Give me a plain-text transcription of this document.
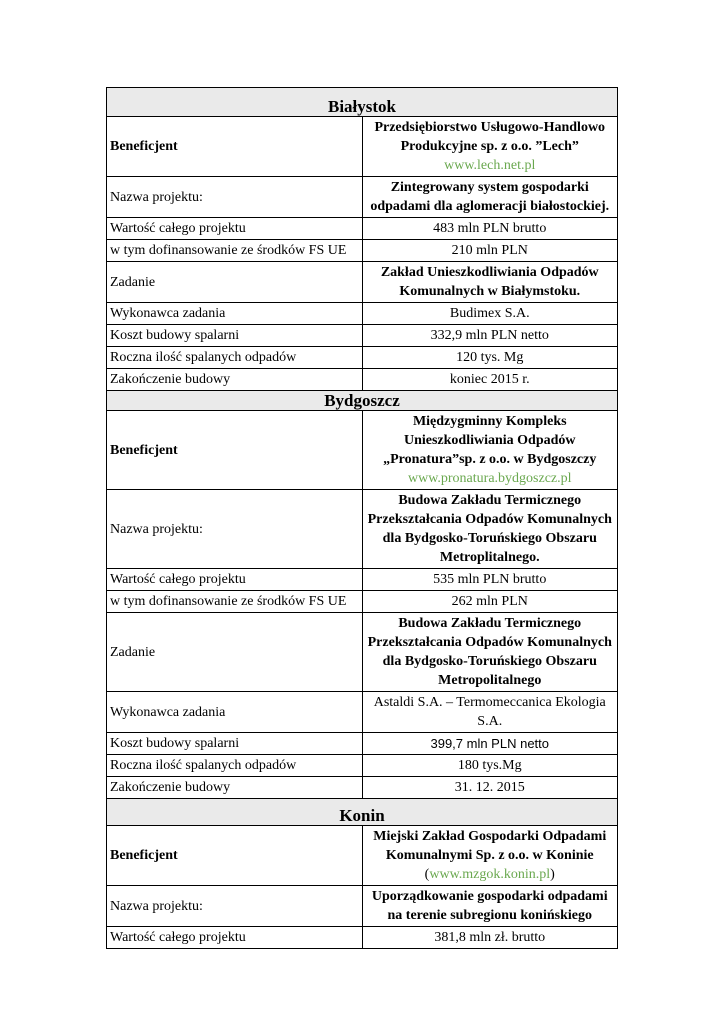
Białystok	
Beneficjent	Przedsiębiorstwo Usługowo-Handlowo Produkcyjne sp. z o.o. ”Lech”
www.lech.net.pl

Nazwa projektu:	Zintegrowany system gospodarki odpadami dla aglomeracji białostockiej.
Wartość całego projektu	483 mln PLN brutto
w tym dofinansowanie ze środków FS UE	210 mln PLN
Zadanie	Zakład Unieszkodliwiania Odpadów Komunalnych w Białymstoku.
Wykonawca zadania	Budimex S.A.
Koszt budowy spalarni	332,9 mln PLN netto
Roczna ilość spalanych odpadów	120 tys. Mg
Zakończenie budowy	koniec 2015 r.
Bydgoszcz	
Beneficjent	Międzygminny Kompleks Unieszkodliwiania Odpadów „Pronatura”sp. z o.o. w Bydgoszczy
www.pronatura.bydgoszcz.pl

Nazwa projektu:	Budowa Zakładu Termicznego Przekształcania Odpadów Komunalnych dla Bydgosko-Toruńskiego Obszaru Metroplitalnego.
Wartość całego projektu	535 mln PLN brutto
w tym dofinansowanie ze środków FS UE	262 mln PLN
Zadanie	Budowa Zakładu Termicznego Przekształcania Odpadów Komunalnych dla Bydgosko-Toruńskiego Obszaru Metropolitalnego
Wykonawca zadania	Astaldi S.A. – Termomeccanica Ekologia S.A.
Koszt budowy spalarni	399,7 mln PLN netto
Roczna ilość spalanych odpadów	180 tys.Mg
Zakończenie budowy	31. 12. 2015
Konin	
Beneficjent	Miejski Zakład Gospodarki Odpadami Komunalnymi Sp. z o.o. w Koninie
(www.mzgok.konin.pl)

Nazwa projektu:	Uporządkowanie gospodarki odpadami na terenie subregionu konińskiego
Wartość całego projektu	381,8 mln zł. brutto
